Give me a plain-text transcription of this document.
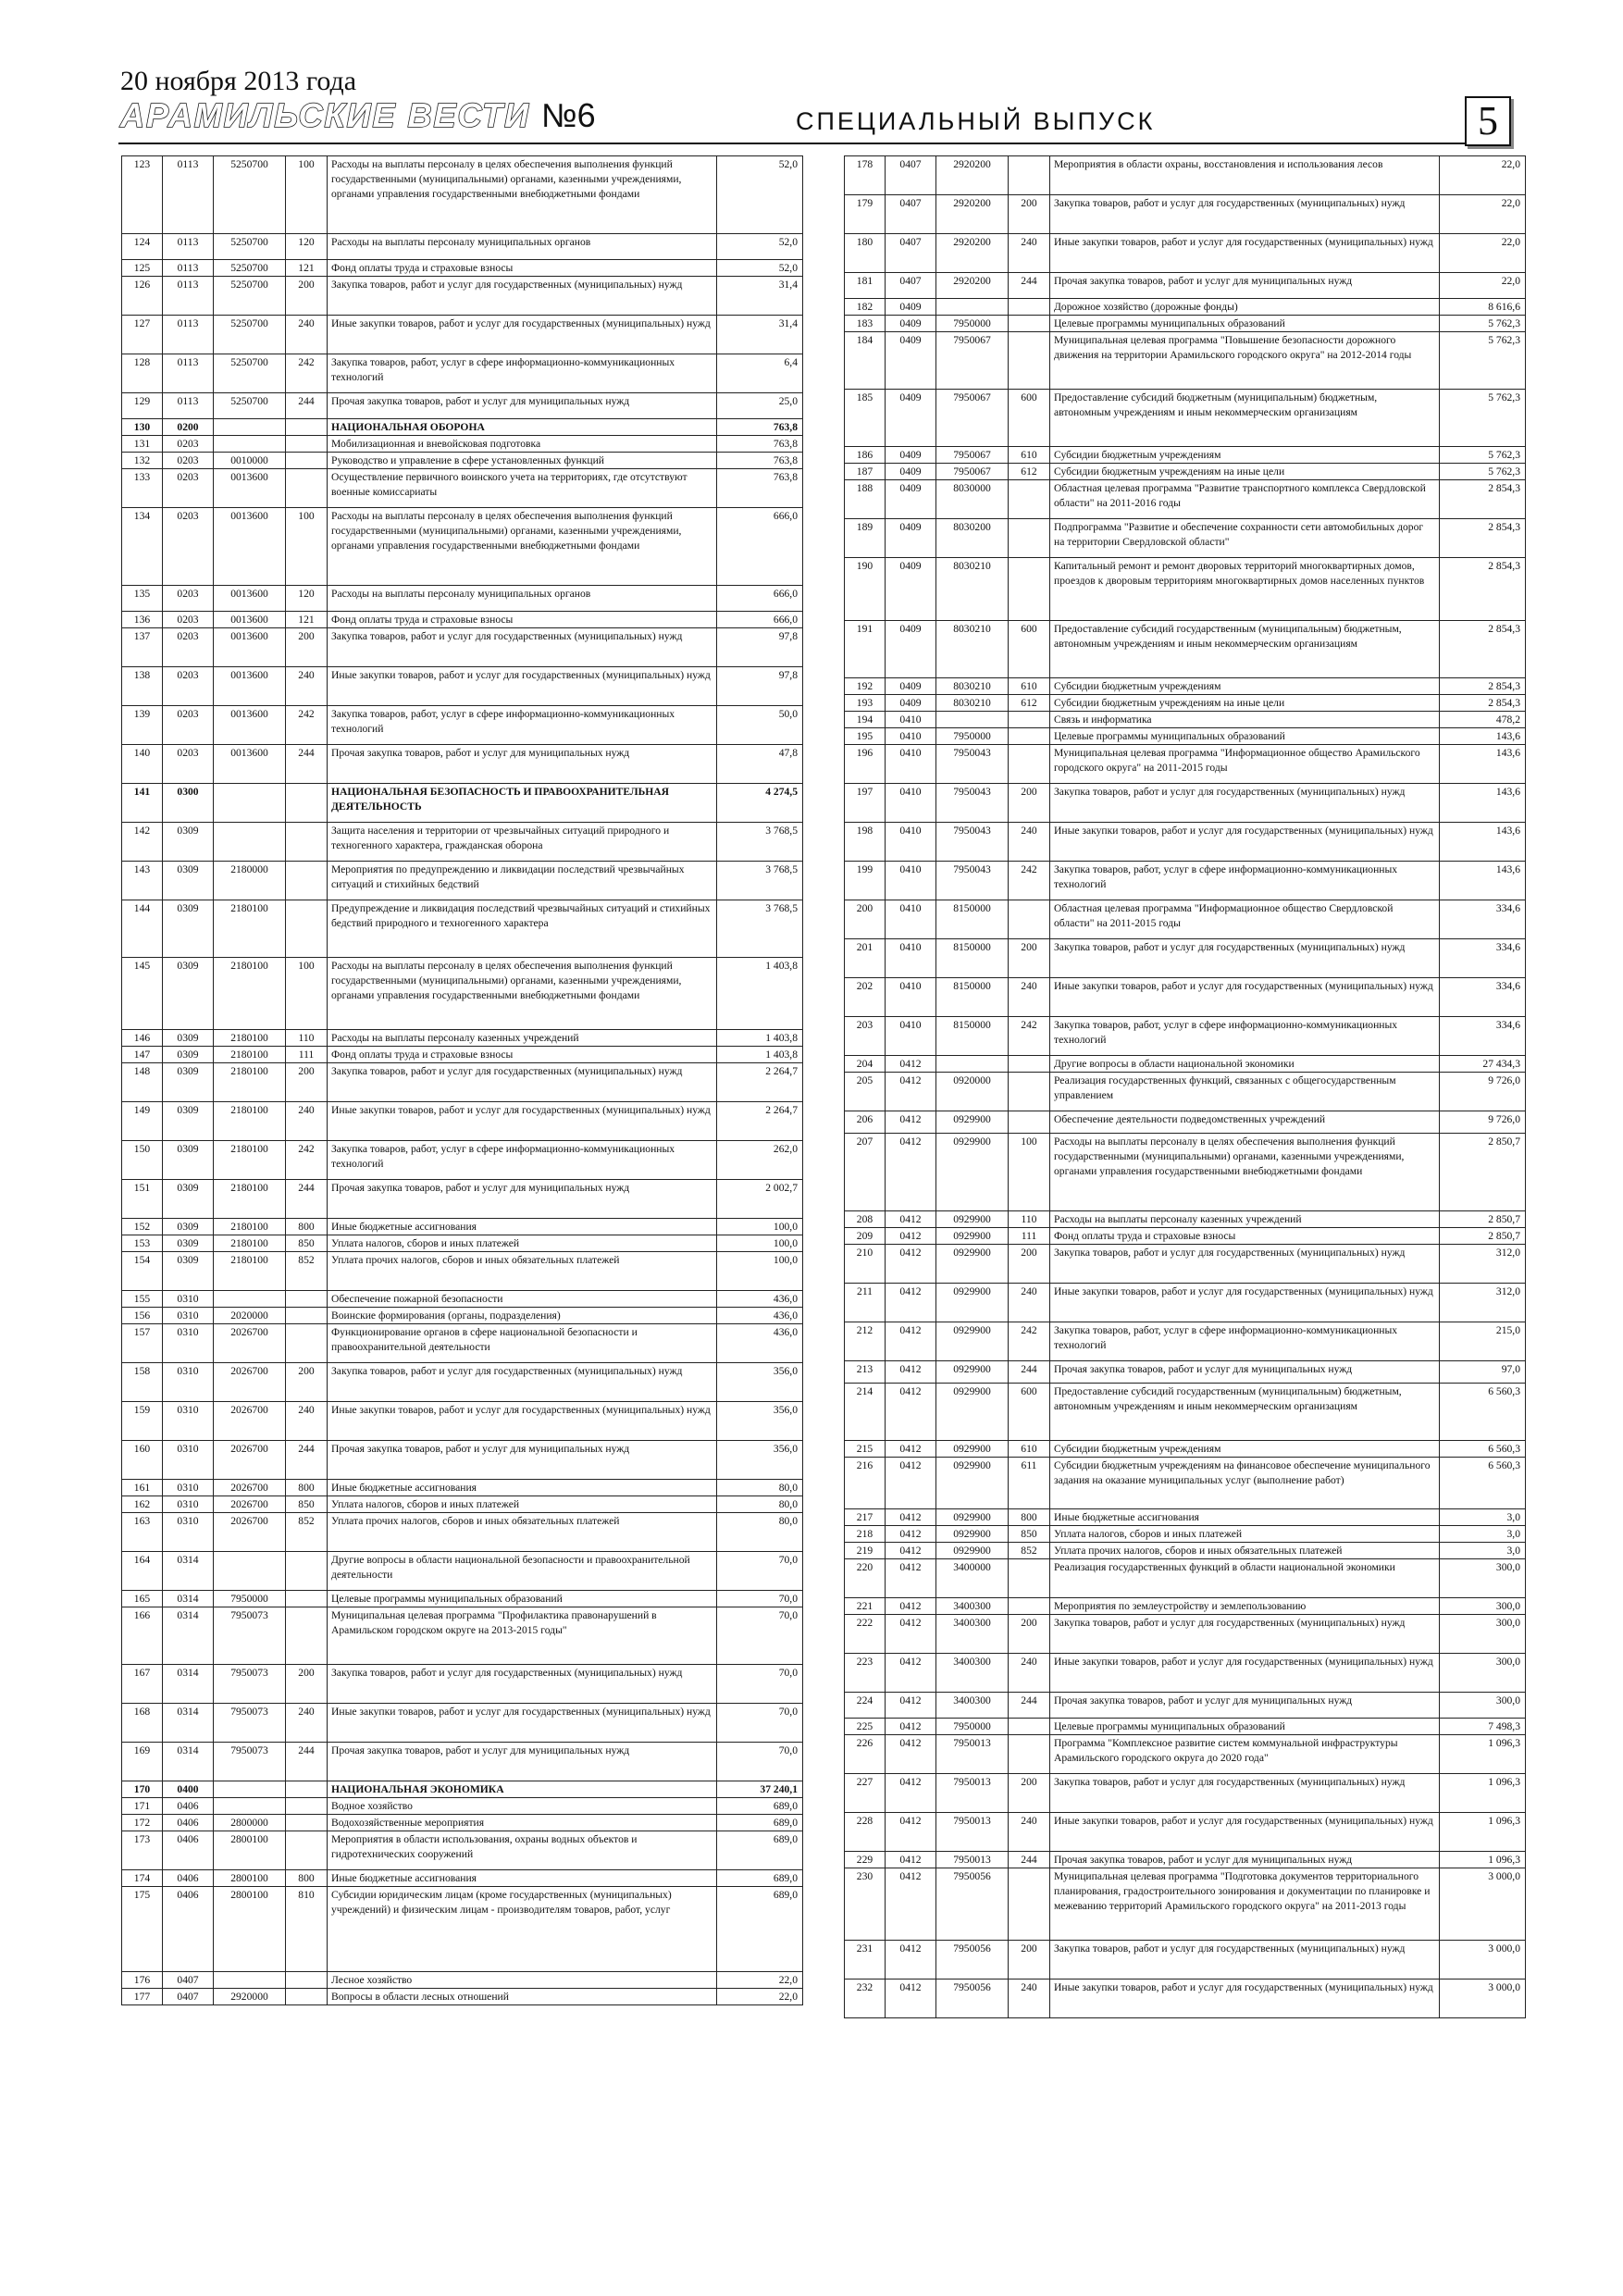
20 ноября 2013 года
АРАМИЛЬСКИЕ ВЕСТИ №6	СПЕЦИАЛЬНЫЙ ВЫПУСК	5
123	0113	5250700	100	Расходы на выплаты персоналу в целях обеспечения выполнения функций государственными (муниципальными) органами, казенными учреждениями, органами управления государственными внебюджетными фондами	52,0
124	0113	5250700	120	Расходы на выплаты персоналу муниципальных органов	52,0
125	0113	5250700	121	Фонд оплаты труда и страховые взносы	52,0
126	0113	5250700	200	Закупка товаров, работ и услуг для государственных (муниципальных) нужд	31,4
127	0113	5250700	240	Иные закупки товаров, работ и услуг для государственных (муниципальных) нужд	31,4
128	0113	5250700	242	Закупка товаров, работ, услуг в сфере информационно-коммуникационных технологий	6,4
129	0113	5250700	244	Прочая закупка товаров, работ и услуг для муниципальных нужд	25,0
130	0200			НАЦИОНАЛЬНАЯ ОБОРОНА	763,8
131	0203			Мобилизационная и вневойсковая подготовка	763,8
132	0203	0010000		Руководство и управление в сфере установленных функций	763,8
133	0203	0013600		Осуществление первичного воинского учета на территориях, где отсутствуют военные комиссариаты	763,8
134	0203	0013600	100	Расходы на выплаты персоналу в целях обеспечения выполнения функций государственными (муниципальными) органами, казенными учреждениями, органами управления государственными внебюджетными фондами	666,0
135	0203	0013600	120	Расходы на выплаты персоналу муниципальных органов	666,0
136	0203	0013600	121	Фонд оплаты труда и страховые взносы	666,0
137	0203	0013600	200	Закупка товаров, работ и услуг для государственных (муниципальных) нужд	97,8
138	0203	0013600	240	Иные закупки товаров, работ и услуг для государственных (муниципальных) нужд	97,8
139	0203	0013600	242	Закупка товаров, работ, услуг в сфере информационно-коммуникационных технологий	50,0
140	0203	0013600	244	Прочая закупка товаров, работ и услуг для муниципальных нужд	47,8
141	0300			НАЦИОНАЛЬНАЯ БЕЗОПАСНОСТЬ И ПРАВООХРАНИТЕЛЬНАЯ ДЕЯТЕЛЬНОСТЬ	4 274,5
142	0309			Защита населения и территории от чрезвычайных ситуаций природного и техногенного характера, гражданская оборона	3 768,5
143	0309	2180000		Мероприятия по предупреждению и ликвидации последствий чрезвычайных ситуаций и стихийных бедствий	3 768,5
144	0309	2180100		Предупреждение и ликвидация последствий чрезвычайных ситуаций и стихийных бедствий природного и техногенного характера	3 768,5
145	0309	2180100	100	Расходы на выплаты персоналу в целях обеспечения выполнения функций государственными (муниципальными) органами, казенными учреждениями, органами управления государственными внебюджетными фондами	1 403,8
146	0309	2180100	110	Расходы на выплаты персоналу казенных учреждений	1 403,8
147	0309	2180100	111	Фонд оплаты труда и страховые взносы	1 403,8
148	0309	2180100	200	Закупка товаров, работ и услуг для государственных (муниципальных) нужд	2 264,7
149	0309	2180100	240	Иные закупки товаров, работ и услуг для государственных (муниципальных) нужд	2 264,7
150	0309	2180100	242	Закупка товаров, работ, услуг в сфере информационно-коммуникационных технологий	262,0
151	0309	2180100	244	Прочая закупка товаров, работ и услуг для муниципальных нужд	2 002,7
152	0309	2180100	800	Иные бюджетные ассигнования	100,0
153	0309	2180100	850	Уплата налогов, сборов и иных платежей	100,0
154	0309	2180100	852	Уплата прочих налогов, сборов и иных обязательных платежей	100,0
155	0310			Обеспечение пожарной безопасности	436,0
156	0310	2020000		Воинские формирования (органы, подразделения)	436,0
157	0310	2026700		Функционирование органов в сфере национальной безопасности и правоохранительной деятельности	436,0
158	0310	2026700	200	Закупка товаров, работ и услуг для государственных (муниципальных) нужд	356,0
159	0310	2026700	240	Иные закупки товаров, работ и услуг для государственных (муниципальных) нужд	356,0
160	0310	2026700	244	Прочая закупка товаров, работ и услуг для муниципальных нужд	356,0
161	0310	2026700	800	Иные бюджетные ассигнования	80,0
162	0310	2026700	850	Уплата налогов, сборов и иных платежей	80,0
163	0310	2026700	852	Уплата прочих налогов, сборов и иных обязательных платежей	80,0
164	0314			Другие вопросы в области национальной безопасности и правоохранительной деятельности	70,0
165	0314	7950000		Целевые программы муниципальных образований	70,0
166	0314	7950073		Муниципальная целевая программа "Профилактика правонарушений в Арамильском городском округе на 2013-2015 годы"	70,0
167	0314	7950073	200	Закупка товаров, работ и услуг для государственных (муниципальных) нужд	70,0
168	0314	7950073	240	Иные закупки товаров, работ и услуг для государственных (муниципальных) нужд	70,0
169	0314	7950073	244	Прочая закупка товаров, работ и услуг для муниципальных нужд	70,0
170	0400			НАЦИОНАЛЬНАЯ ЭКОНОМИКА	37 240,1
171	0406			Водное хозяйство	689,0
172	0406	2800000		Водохозяйственные мероприятия	689,0
173	0406	2800100		Мероприятия в области использования, охраны водных объектов и гидротехнических сооружений	689,0
174	0406	2800100	800	Иные бюджетные ассигнования	689,0
175	0406	2800100	810	Субсидии юридическим лицам (кроме государственных (муниципальных) учреждений) и физическим лицам - производителям товаров, работ, услуг	689,0
176	0407			Лесное хозяйство	22,0
177	0407	2920000		Вопросы в области лесных отношений	22,0
178	0407	2920200		Мероприятия в области охраны, восстановления и использования лесов	22,0
179	0407	2920200	200	Закупка товаров, работ и услуг для государственных (муниципальных) нужд	22,0
180	0407	2920200	240	Иные закупки товаров, работ и услуг для государственных (муниципальных) нужд	22,0
181	0407	2920200	244	Прочая закупка товаров, работ и услуг для муниципальных нужд	22,0
182	0409			Дорожное хозяйство (дорожные фонды)	8 616,6
183	0409	7950000		Целевые программы муниципальных образований	5 762,3
184	0409	7950067		Муниципальная целевая программа "Повышение безопасности дорожного движения на территории Арамильского городского округа" на 2012-2014 годы	5 762,3
185	0409	7950067	600	Предоставление субсидий бюджетным (муниципальным) бюджетным, автономным учреждениям и иным некоммерческим организациям	5 762,3
186	0409	7950067	610	Субсидии бюджетным учреждениям	5 762,3
187	0409	7950067	612	Субсидии бюджетным учреждениям на иные цели	5 762,3
188	0409	8030000		Областная целевая программа "Развитие транспортного комплекса Свердловской области" на 2011-2016 годы	2 854,3
189	0409	8030200		Подпрограмма "Развитие и обеспечение сохранности сети автомобильных дорог на территории Свердловской области"	2 854,3
190	0409	8030210		Капитальный ремонт и ремонт дворовых территорий многоквартирных домов, проездов к дворовым территориям многоквартирных домов населенных пунктов	2 854,3
191	0409	8030210	600	Предоставление субсидий государственным (муниципальным) бюджетным, автономным учреждениям и иным некоммерческим организациям	2 854,3
192	0409	8030210	610	Субсидии бюджетным учреждениям	2 854,3
193	0409	8030210	612	Субсидии бюджетным учреждениям на иные цели	2 854,3
194	0410			Связь и информатика	478,2
195	0410	7950000		Целевые программы муниципальных образований	143,6
196	0410	7950043		Муниципальная целевая программа "Информационное общество Арамильского городского округа" на 2011-2015 годы	143,6
197	0410	7950043	200	Закупка товаров, работ и услуг для государственных (муниципальных) нужд	143,6
198	0410	7950043	240	Иные закупки товаров, работ и услуг для государственных (муниципальных) нужд	143,6
199	0410	7950043	242	Закупка товаров, работ, услуг в сфере информационно-коммуникационных технологий	143,6
200	0410	8150000		Областная целевая программа "Информационное общество Свердловской области" на 2011-2015 годы	334,6
201	0410	8150000	200	Закупка товаров, работ и услуг для государственных (муниципальных) нужд	334,6
202	0410	8150000	240	Иные закупки товаров, работ и услуг для государственных (муниципальных) нужд	334,6
203	0410	8150000	242	Закупка товаров, работ, услуг в сфере информационно-коммуникационных технологий	334,6
204	0412			Другие вопросы в области национальной экономики	27 434,3
205	0412	0920000		Реализация государственных функций, связанных с общегосударственным управлением	9 726,0
206	0412	0929900		Обеспечение деятельности подведомственных учреждений	9 726,0
207	0412	0929900	100	Расходы на выплаты персоналу в целях обеспечения выполнения функций государственными (муниципальными) органами, казенными учреждениями, органами управления государственными внебюджетными фондами	2 850,7
208	0412	0929900	110	Расходы на выплаты персоналу казенных учреждений	2 850,7
209	0412	0929900	111	Фонд оплаты труда и страховые взносы	2 850,7
210	0412	0929900	200	Закупка товаров, работ и услуг для государственных (муниципальных) нужд	312,0
211	0412	0929900	240	Иные закупки товаров, работ и услуг для государственных (муниципальных) нужд	312,0
212	0412	0929900	242	Закупка товаров, работ, услуг в сфере информационно-коммуникационных технологий	215,0
213	0412	0929900	244	Прочая закупка товаров, работ и услуг для муниципальных нужд	97,0
214	0412	0929900	600	Предоставление субсидий государственным (муниципальным) бюджетным, автономным учреждениям и иным некоммерческим организациям	6 560,3
215	0412	0929900	610	Субсидии бюджетным учреждениям	6 560,3
216	0412	0929900	611	Субсидии бюджетным учреждениям на финансовое обеспечение муниципального задания на оказание муниципальных услуг (выполнение работ)	6 560,3
217	0412	0929900	800	Иные бюджетные ассигнования	3,0
218	0412	0929900	850	Уплата налогов, сборов и иных платежей	3,0
219	0412	0929900	852	Уплата прочих налогов, сборов и иных обязательных платежей	3,0
220	0412	3400000		Реализация государственных функций в области национальной экономики	300,0
221	0412	3400300		Мероприятия по землеустройству и землепользованию	300,0
222	0412	3400300	200	Закупка товаров, работ и услуг для государственных (муниципальных) нужд	300,0
223	0412	3400300	240	Иные закупки товаров, работ и услуг для государственных (муниципальных) нужд	300,0
224	0412	3400300	244	Прочая закупка товаров, работ и услуг для муниципальных нужд	300,0
225	0412	7950000		Целевые программы муниципальных образований	7 498,3
226	0412	7950013		Программа "Комплексное развитие систем коммунальной инфраструктуры Арамильского городского округа до 2020 года"	1 096,3
227	0412	7950013	200	Закупка товаров, работ и услуг для государственных (муниципальных) нужд	1 096,3
228	0412	7950013	240	Иные закупки товаров, работ и услуг для государственных (муниципальных) нужд	1 096,3
229	0412	7950013	244	Прочая закупка товаров, работ и услуг для муниципальных нужд	1 096,3
230	0412	7950056		Муниципальная целевая программа "Подготовка документов территориального планирования, градостроительного зонирования и документации по планировке и межеванию территорий Арамильского городского округа" на 2011-2013 годы	3 000,0
231	0412	7950056	200	Закупка товаров, работ и услуг для государственных (муниципальных) нужд	3 000,0
232	0412	7950056	240	Иные закупки товаров, работ и услуг для государственных (муниципальных) нужд	3 000,0
